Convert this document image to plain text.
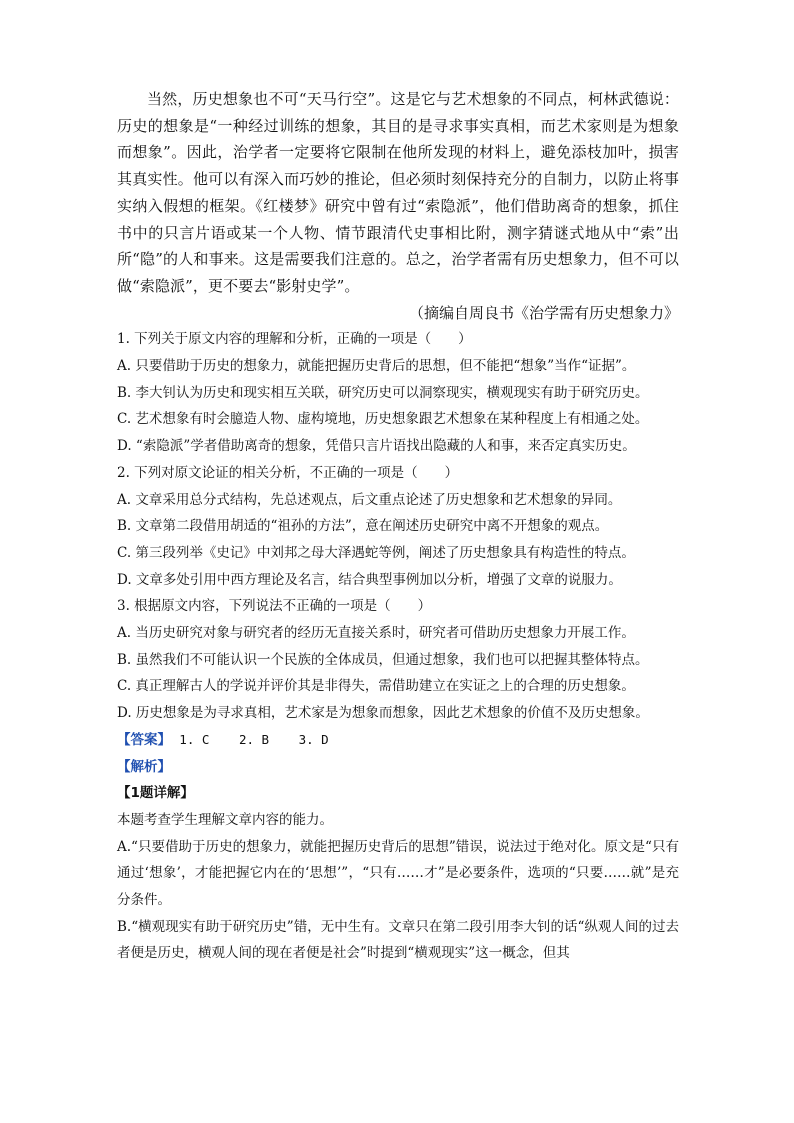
当然，历史想象也不可“天马行空”。这是它与艺术想象的不同点，柯林武德说：历史的想象是“一种经过训练的想象，其目的是寻求事实真相，而艺术家则是为想象而想象”。因此，治学者一定要将它限制在他所发现的材料上，避免添枝加叶，损害其真实性。他可以有深入而巧妙的推论，但必须时刻保持充分的自制力，以防止将事实纳入假想的框架。《红楼梦》研究中曾有过“索隐派”，他们借助离奇的想象，抓住书中的只言片语或某一个人物、情节跟清代史事相比附，测字猜谜式地从中“索”出所“隐”的人和事来。这是需要我们注意的。总之，治学者需有历史想象力，但不可以做“索隐派”，更不要去“影射史学”。

（摘编自周良书《治学需有历史想象力》

1. 下列关于原文内容的理解和分析，正确的一项是（　　）

A. 只要借助于历史的想象力，就能把握历史背后的思想，但不能把“想象”当作“证据”。

B. 李大钊认为历史和现实相互关联，研究历史可以洞察现实，横观现实有助于研究历史。

C. 艺术想象有时会臆造人物、虚构境地，历史想象跟艺术想象在某种程度上有相通之处。

D. “索隐派”学者借助离奇的想象，凭借只言片语找出隐藏的人和事，来否定真实历史。

2. 下列对原文论证的相关分析，不正确的一项是（　　）

A. 文章采用总分式结构，先总述观点，后文重点论述了历史想象和艺术想象的异同。

B. 文章第二段借用胡适的“祖孙的方法”，意在阐述历史研究中离不开想象的观点。

C. 第三段列举《史记》中刘邦之母大泽遇蛇等例，阐述了历史想象具有构造性的特点。

D. 文章多处引用中西方理论及名言，结合典型事例加以分析，增强了文章的说服力。

3. 根据原文内容，下列说法不正确的一项是（　　）

A. 当历史研究对象与研究者的经历无直接关系时，研究者可借助历史想象力开展工作。

B. 虽然我们不可能认识一个民族的全体成员，但通过想象，我们也可以把握其整体特点。

C. 真正理解古人的学说并评价其是非得失，需借助建立在实证之上的合理的历史想象。

D. 历史想象是为寻求真相，艺术家是为想象而想象，因此艺术想象的价值不及历史想象。

【答案】 1. C 2. B 3. D

【解析】

【1题详解】

本题考查学生理解文章内容的能力。

A.“只要借助于历史的想象力，就能把握历史背后的思想”错误，说法过于绝对化。原文是“只有通过‘想象’，才能把握它内在的‘思想’”，“只有……才”是必要条件，选项的“只要……就”是充分条件。

B.“横观现实有助于研究历史”错，无中生有。文章只在第二段引用李大钊的话“纵观人间的过去者便是历史，横观人间的现在者便是社会”时提到“横观现实”这一概念，但其
